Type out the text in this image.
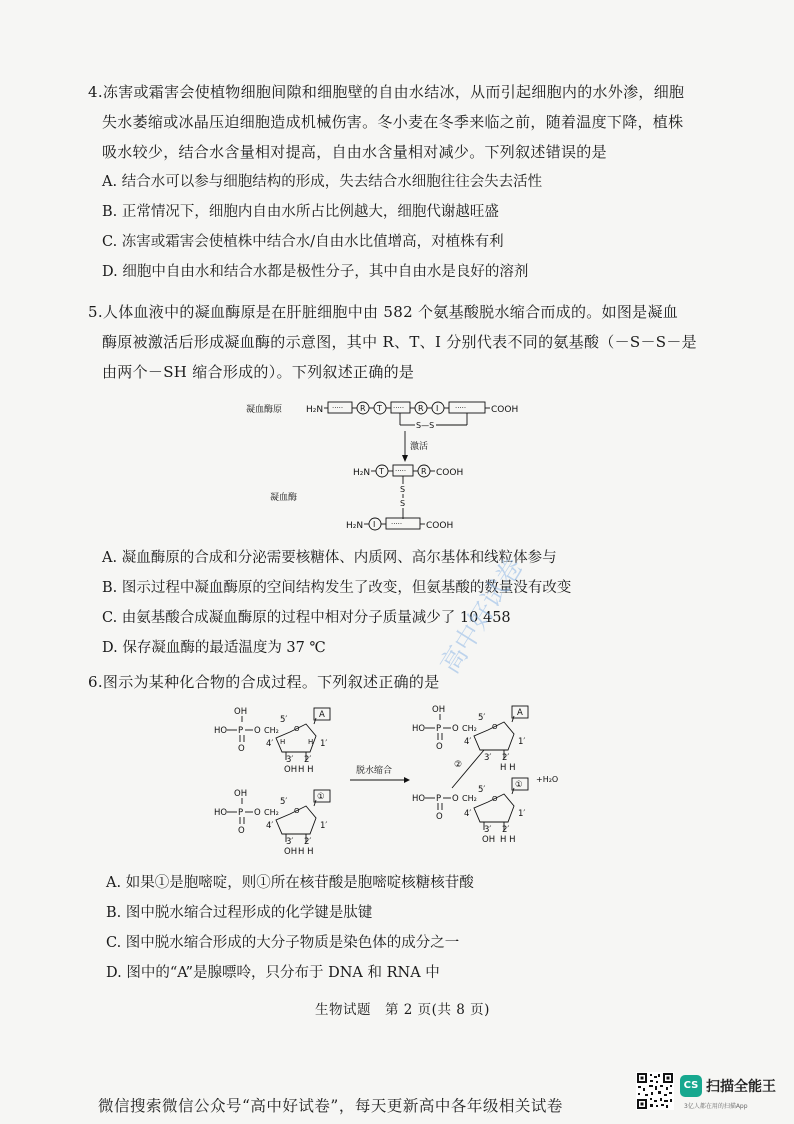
4.冻害或霜害会使植物细胞间隙和细胞壁的自由水结冰，从而引起细胞内的水外渗，细胞
失水萎缩或冰晶压迫细胞造成机械伤害。冬小麦在冬季来临之前，随着温度下降，植株
吸水较少，结合水含量相对提高，自由水含量相对减少。下列叙述错误的是
A. 结合水可以参与细胞结构的形成，失去结合水细胞往往会失去活性
B. 正常情况下，细胞内自由水所占比例越大，细胞代谢越旺盛
C. 冻害或霜害会使植株中结合水/自由水比值增高，对植株有利
D. 细胞中自由水和结合水都是极性分子，其中自由水是良好的溶剂
5.人体血液中的凝血酶原是在肝脏细胞中由 582 个氨基酸脱水缩合而成的。如图是凝血
酶原被激活后形成凝血酶的示意图，其中 R、T、I 分别代表不同的氨基酸（－S－S－是
由两个－SH 缩合形成的）。下列叙述正确的是
凝血酶原	H₂N ····· R T ····· R I ·····	COOH
S—S
激活
H₂N T ····· R COOH
S
S
凝血酶
H₂N I ·····	COOH
A. 凝血酶原的合成和分泌需要核糖体、内质网、高尔基体和线粒体参与
B. 图示过程中凝血酶原的空间结构发生了改变，但氨基酸的数量没有改变
C. 由氨基酸合成凝血酶原的过程中相对分子质量减少了 10 458
D. 保存凝血酶的最适温度为 37 ℃
6.图示为某种化合物的合成过程。下列叙述正确的是
OH
HO P O
O
5′
CH₂ O
4′	1′
H	H
3′ 2′
OH H H
A
OH
HO P O
O
5′
CH₂ O
4′	1′
3′ 2′
OH H H
①
脱水缩合
OH
HO P O
O
5′
CH₂ O
4′	1′
3′ 2′
H H
A
②
HO P O
O
5′
CH₂ O
4′	1′
3′ 2′
OH H H
①
+H₂O
A. 如果①是胞嘧啶，则①所在核苷酸是胞嘧啶核糖核苷酸
B. 图中脱水缩合过程形成的化学键是肽键
C. 图中脱水缩合形成的大分子物质是染色体的成分之一
D. 图中的“A”是腺嘌呤，只分布于 DNA 和 RNA 中
生物试题　第 2 页(共 8 页)
高中好试卷
微信搜索微信公众号“高中好试卷”，每天更新高中各年级相关试卷
CS 扫描全能王
3亿人都在用的扫描App
